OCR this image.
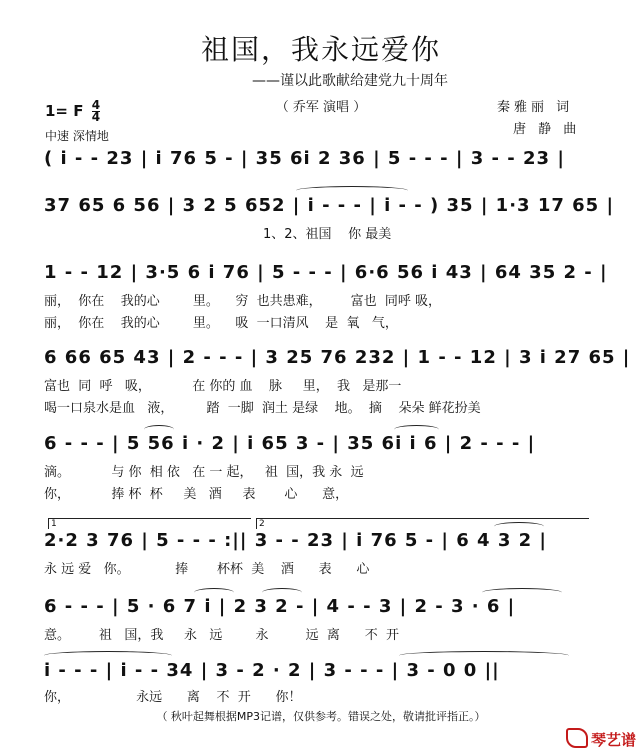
祖国，我永远爱你
——谨以此歌献给建党九十周年
（ 乔军 演唱 ）
1= F $\frac{4}{4}$
中速 深情地
秦雅丽 词
唐 静 曲
( i - - 23 | i 76 5 - | 35 6i 2 36 | 5 - - - | 3 - - 23 |
37 65 6 56 | 3 2 5 652 | i - - - | i - - ) 35 | 1·3 17 65 |
1、2、祖国    你 最美
1 - - 12 | 3·5 6 i 76 | 5 - - - | 6·6 56 i 43 | 64 35 2 - |
丽，  你在    我的心        里。    穷  也共患难，       富也  同呼 吸，
丽，  你在    我的心        里。    吸  一口清风    是  氧   气，
6 66 65 43 | 2 - - - | 3 25 76 232 | 1 - - 12 | 3 i 27 65 |
富也  同  呼   吸，          在 你的 血    脉     里，  我   是那一
喝一口泉水是血   液，        踏  一脚  润土 是绿    地。  摘    朵朵 鲜花扮美
6 - - - | 5 56 i · 2 | i 65 3 - | 35 6i i 6 | 2 - - - |
滴。          与 你  相 依   在 一 起，   祖  国，我 永  远
你，          捧 杯  杯     美   酒     表       心      意，
1	2
2·2 3 76 | 5 - - - :|| 3 - - 23 | i 76 5 - | 6 4 3 2 |
永 远 爱   你。           捧       杯杯  美    酒      表      心
6 - - - | 5 · 6 7 i | 2 3 2 - | 4 - - 3 | 2 - 3 · 6 |
意。       祖   国，我     永   远        永         远  离      不  开
i - - - | i - - 34 | 3 - 2 · 2 | 3 - - - | 3 - 0 0 ||
你，                永远      离    不  开      你！
（ 秋叶起舞根据MP3记谱，仅供参考。错误之处，敬请批评指正。）
琴艺谱
